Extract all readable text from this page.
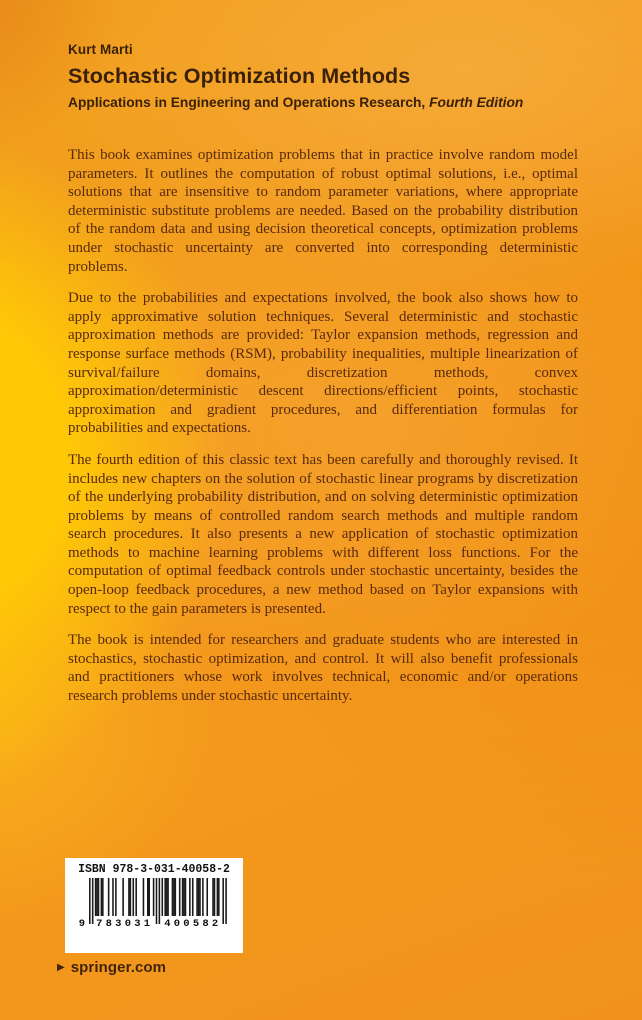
Kurt Marti
Stochastic Optimization Methods
Applications in Engineering and Operations Research, Fourth Edition

This book examines optimization problems that in practice involve random model parameters. It outlines the computation of robust optimal solutions, i.e., optimal solutions that are insensitive to random parameter variations, where appropriate deterministic substitute problems are needed. Based on the probability distribution of the random data and using decision theoretical concepts, optimization problems under stochastic uncertainty are converted into corresponding deterministic problems.

Due to the probabilities and expectations involved, the book also shows how to apply approximative solution techniques. Several deterministic and stochastic approximation methods are provided: Taylor expansion methods, regression and response surface methods (RSM), probability inequalities, multiple linearization of survival/failure domains, discretization methods, convex approximation/deterministic descent directions/efficient points, stochastic approximation and gradient procedures, and differentiation formulas for probabilities and expectations.

The fourth edition of this classic text has been carefully and thoroughly revised. It includes new chapters on the solution of stochastic linear programs by discretization of the underlying probability distribution, and on solving deterministic optimization problems by means of controlled random search methods and multiple random search procedures. It also presents a new application of stochastic optimization methods to machine learning problems with different loss functions. For the computation of optimal feedback controls under stochastic uncertainty, besides the open-loop feedback procedures, a new method based on Taylor expansions with respect to the gain parameters is presented.

The book is intended for researchers and graduate students who are interested in stochastics, stochastic optimization, and control. It will also benefit professionals and practitioners whose work involves technical, economic and/or operations research problems under stochastic uncertainty.

ISBN 978-3-031-40058-2
9 783031 400582
▶ springer.com
